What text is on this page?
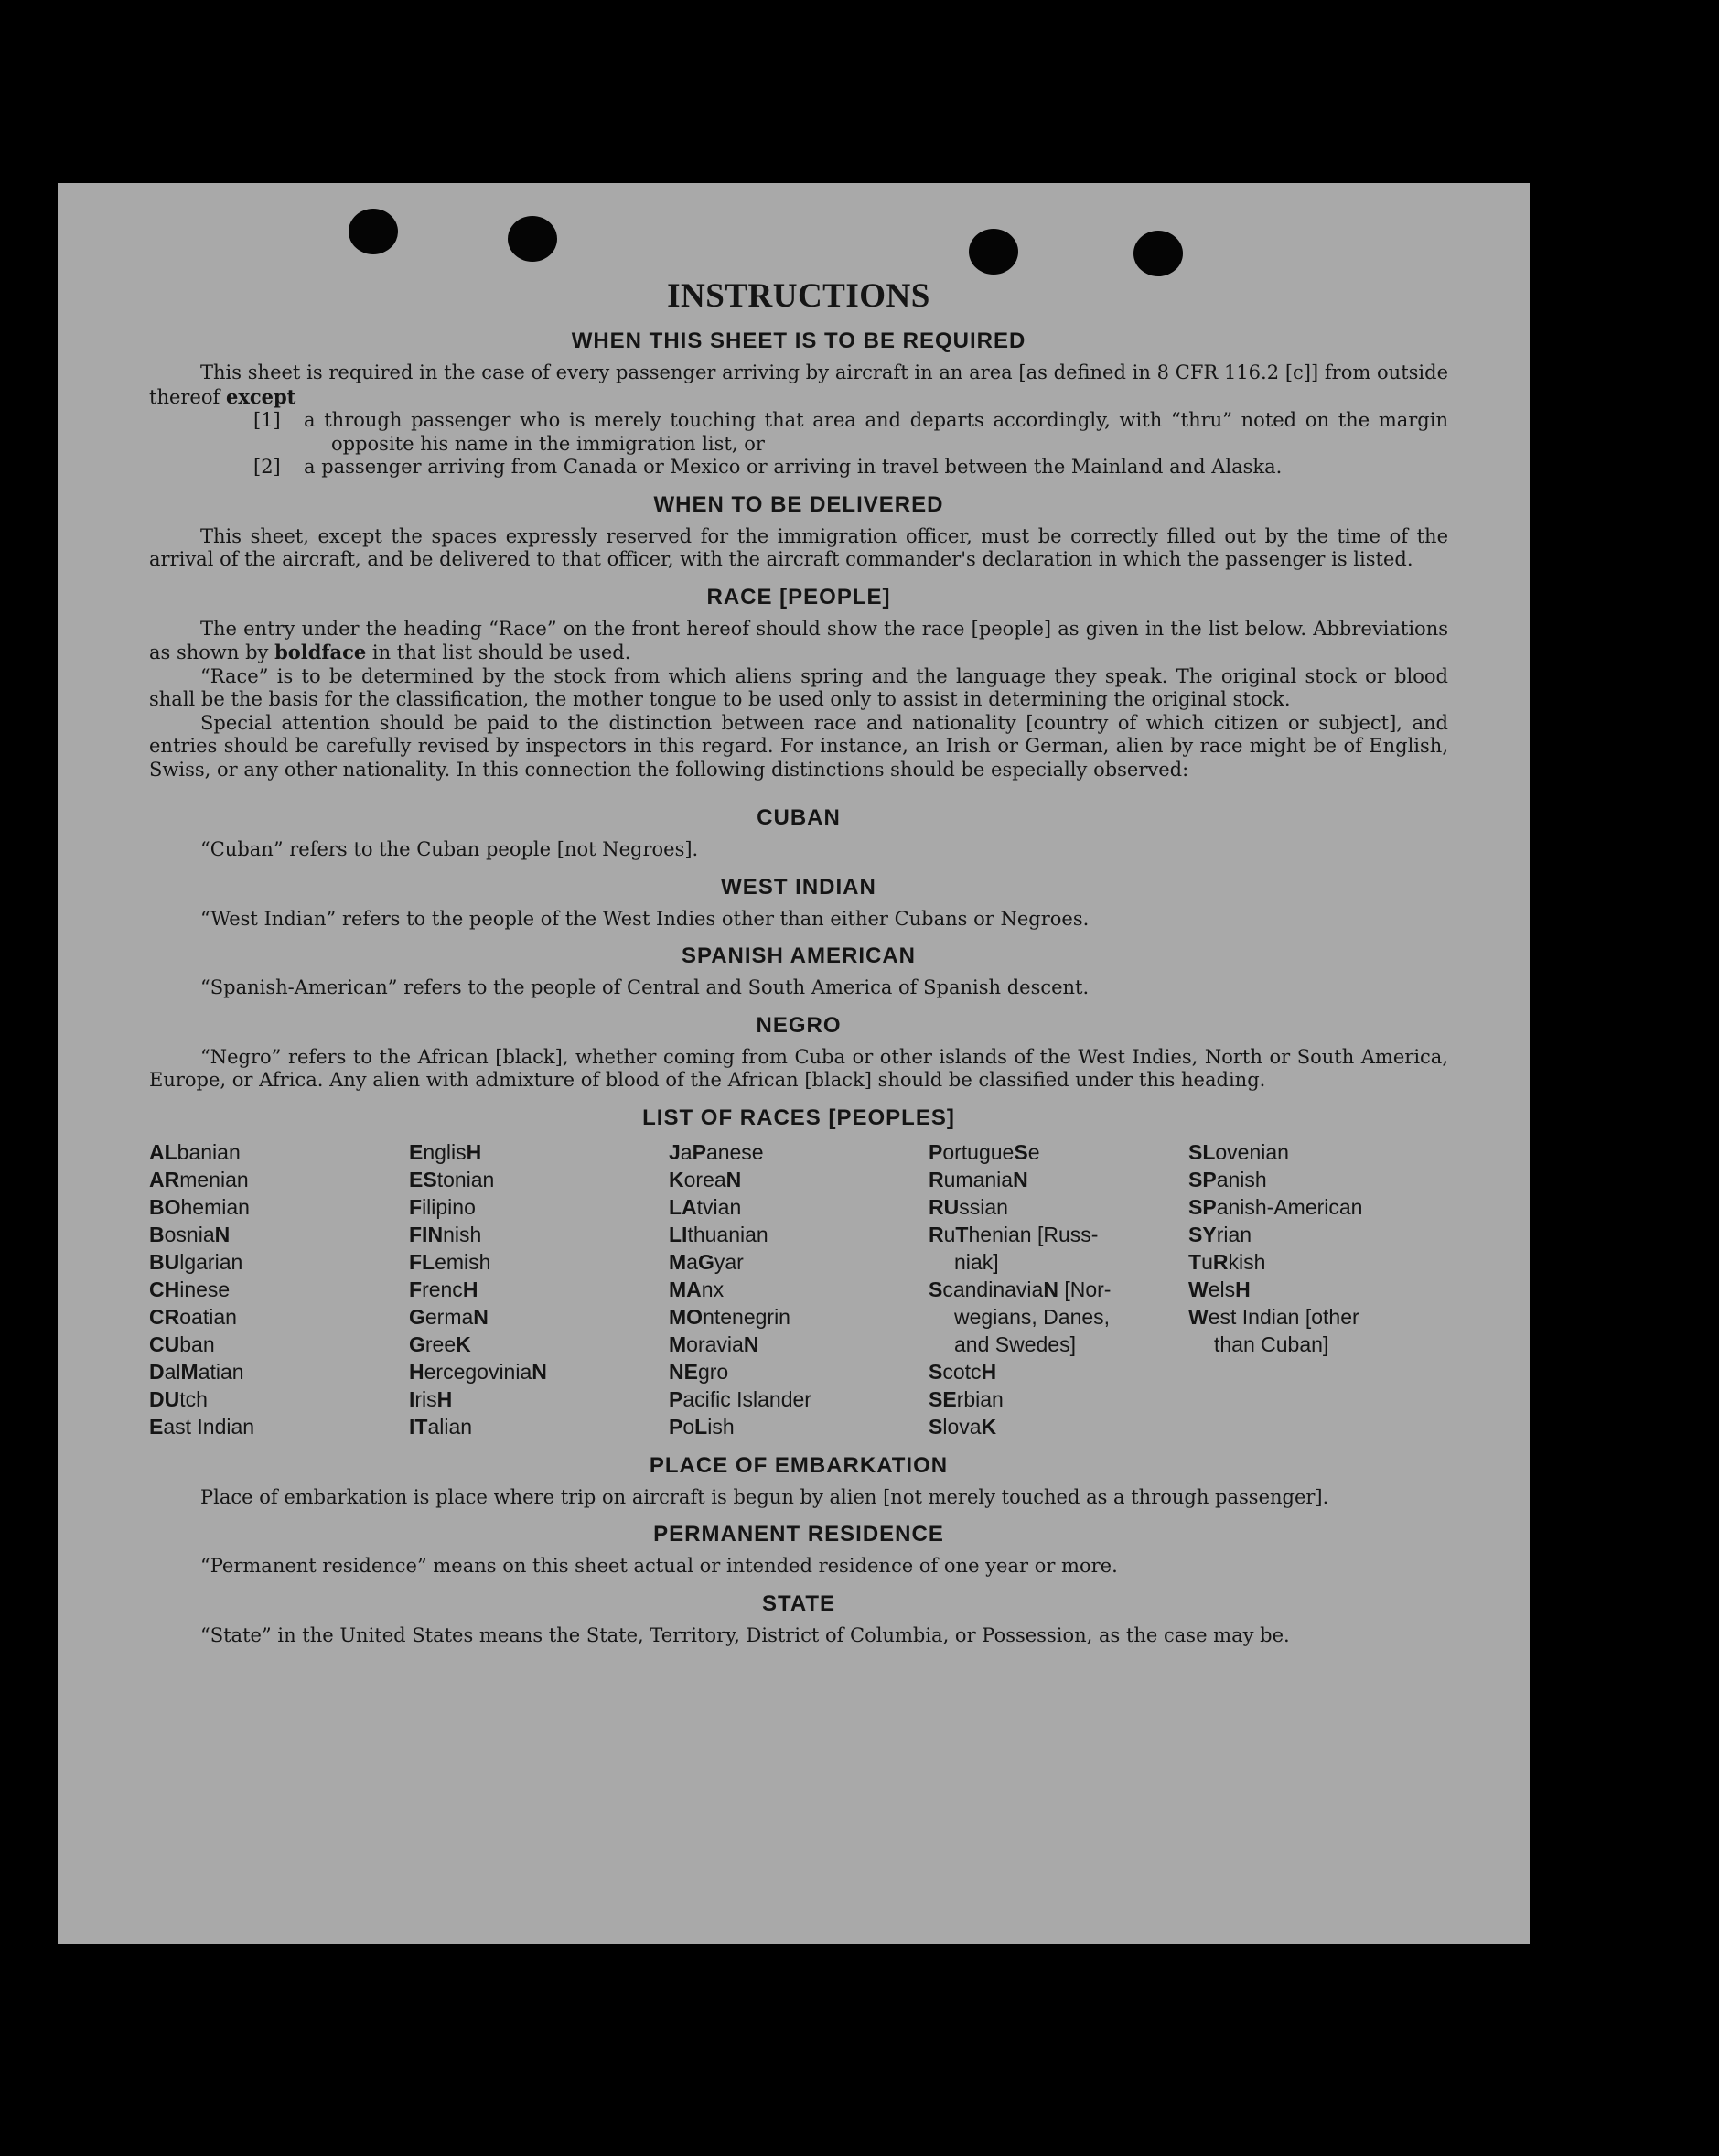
INSTRUCTIONS
WHEN THIS SHEET IS TO BE REQUIRED

This sheet is required in the case of every passenger arriving by aircraft in an area [as defined in 8 CFR 116.2 [c]] from outside thereof except

[1] a through passenger who is merely touching that area and departs accordingly, with “thru” noted on the margin opposite his name in the immigration list, or

[2] a passenger arriving from Canada or Mexico or arriving in travel between the Mainland and Alaska.

WHEN TO BE DELIVERED

This sheet, except the spaces expressly reserved for the immigration officer, must be correctly filled out by the time of the arrival of the aircraft, and be delivered to that officer, with the aircraft commander's declaration in which the passenger is listed.

RACE [PEOPLE]

The entry under the heading “Race” on the front hereof should show the race [people] as given in the list below. Abbreviations as shown by boldface in that list should be used.

“Race” is to be determined by the stock from which aliens spring and the language they speak. The original stock or blood shall be the basis for the classification, the mother tongue to be used only to assist in determining the original stock.

Special attention should be paid to the distinction between race and nationality [country of which citizen or subject], and entries should be carefully revised by inspectors in this regard. For instance, an Irish or German, alien by race might be of English, Swiss, or any other nationality. In this connection the following distinctions should be especially observed:

CUBAN

“Cuban” refers to the Cuban people [not Negroes].

WEST INDIAN

“West Indian” refers to the people of the West Indies other than either Cubans or Negroes.

SPANISH AMERICAN

“Spanish-American” refers to the people of Central and South America of Spanish descent.

NEGRO

“Negro” refers to the African [black], whether coming from Cuba or other islands of the West Indies, North or South America, Europe, or Africa. Any alien with admixture of blood of the African [black] should be classified under this heading.

LIST OF RACES [PEOPLES]
ALbanian
ARmenian
BOhemian
BosniaN
BUlgarian
CHinese
CRoatian
CUban
DalMatian
DUtch
East Indian
EnglisH
EStonian
Filipino
FINnish
FLemish
FrencH
GermaN
GreeK
HercegoviniaN
IrisH
ITalian
JaPanese
KoreaN
LAtvian
LIthuanian
MaGyar
MAnx
MOntenegrin
MoraviaN
NEgro
Pacific Islander
PoLish
PortugueSe
RumaniaN
RUssian
RuThenian [Russ-
niak]
ScandinaviaN [Nor-
wegians, Danes,
and Swedes]
ScotcH
SErbian
SlovaK
SLovenian
SPanish
SPanish-American
SYrian
TuRkish
WelsH
West Indian [other
than Cuban]
PLACE OF EMBARKATION

Place of embarkation is place where trip on aircraft is begun by alien [not merely touched as a through passenger].

PERMANENT RESIDENCE

“Permanent residence” means on this sheet actual or intended residence of one year or more.

STATE

“State” in the United States means the State, Territory, District of Columbia, or Possession, as the case may be.
